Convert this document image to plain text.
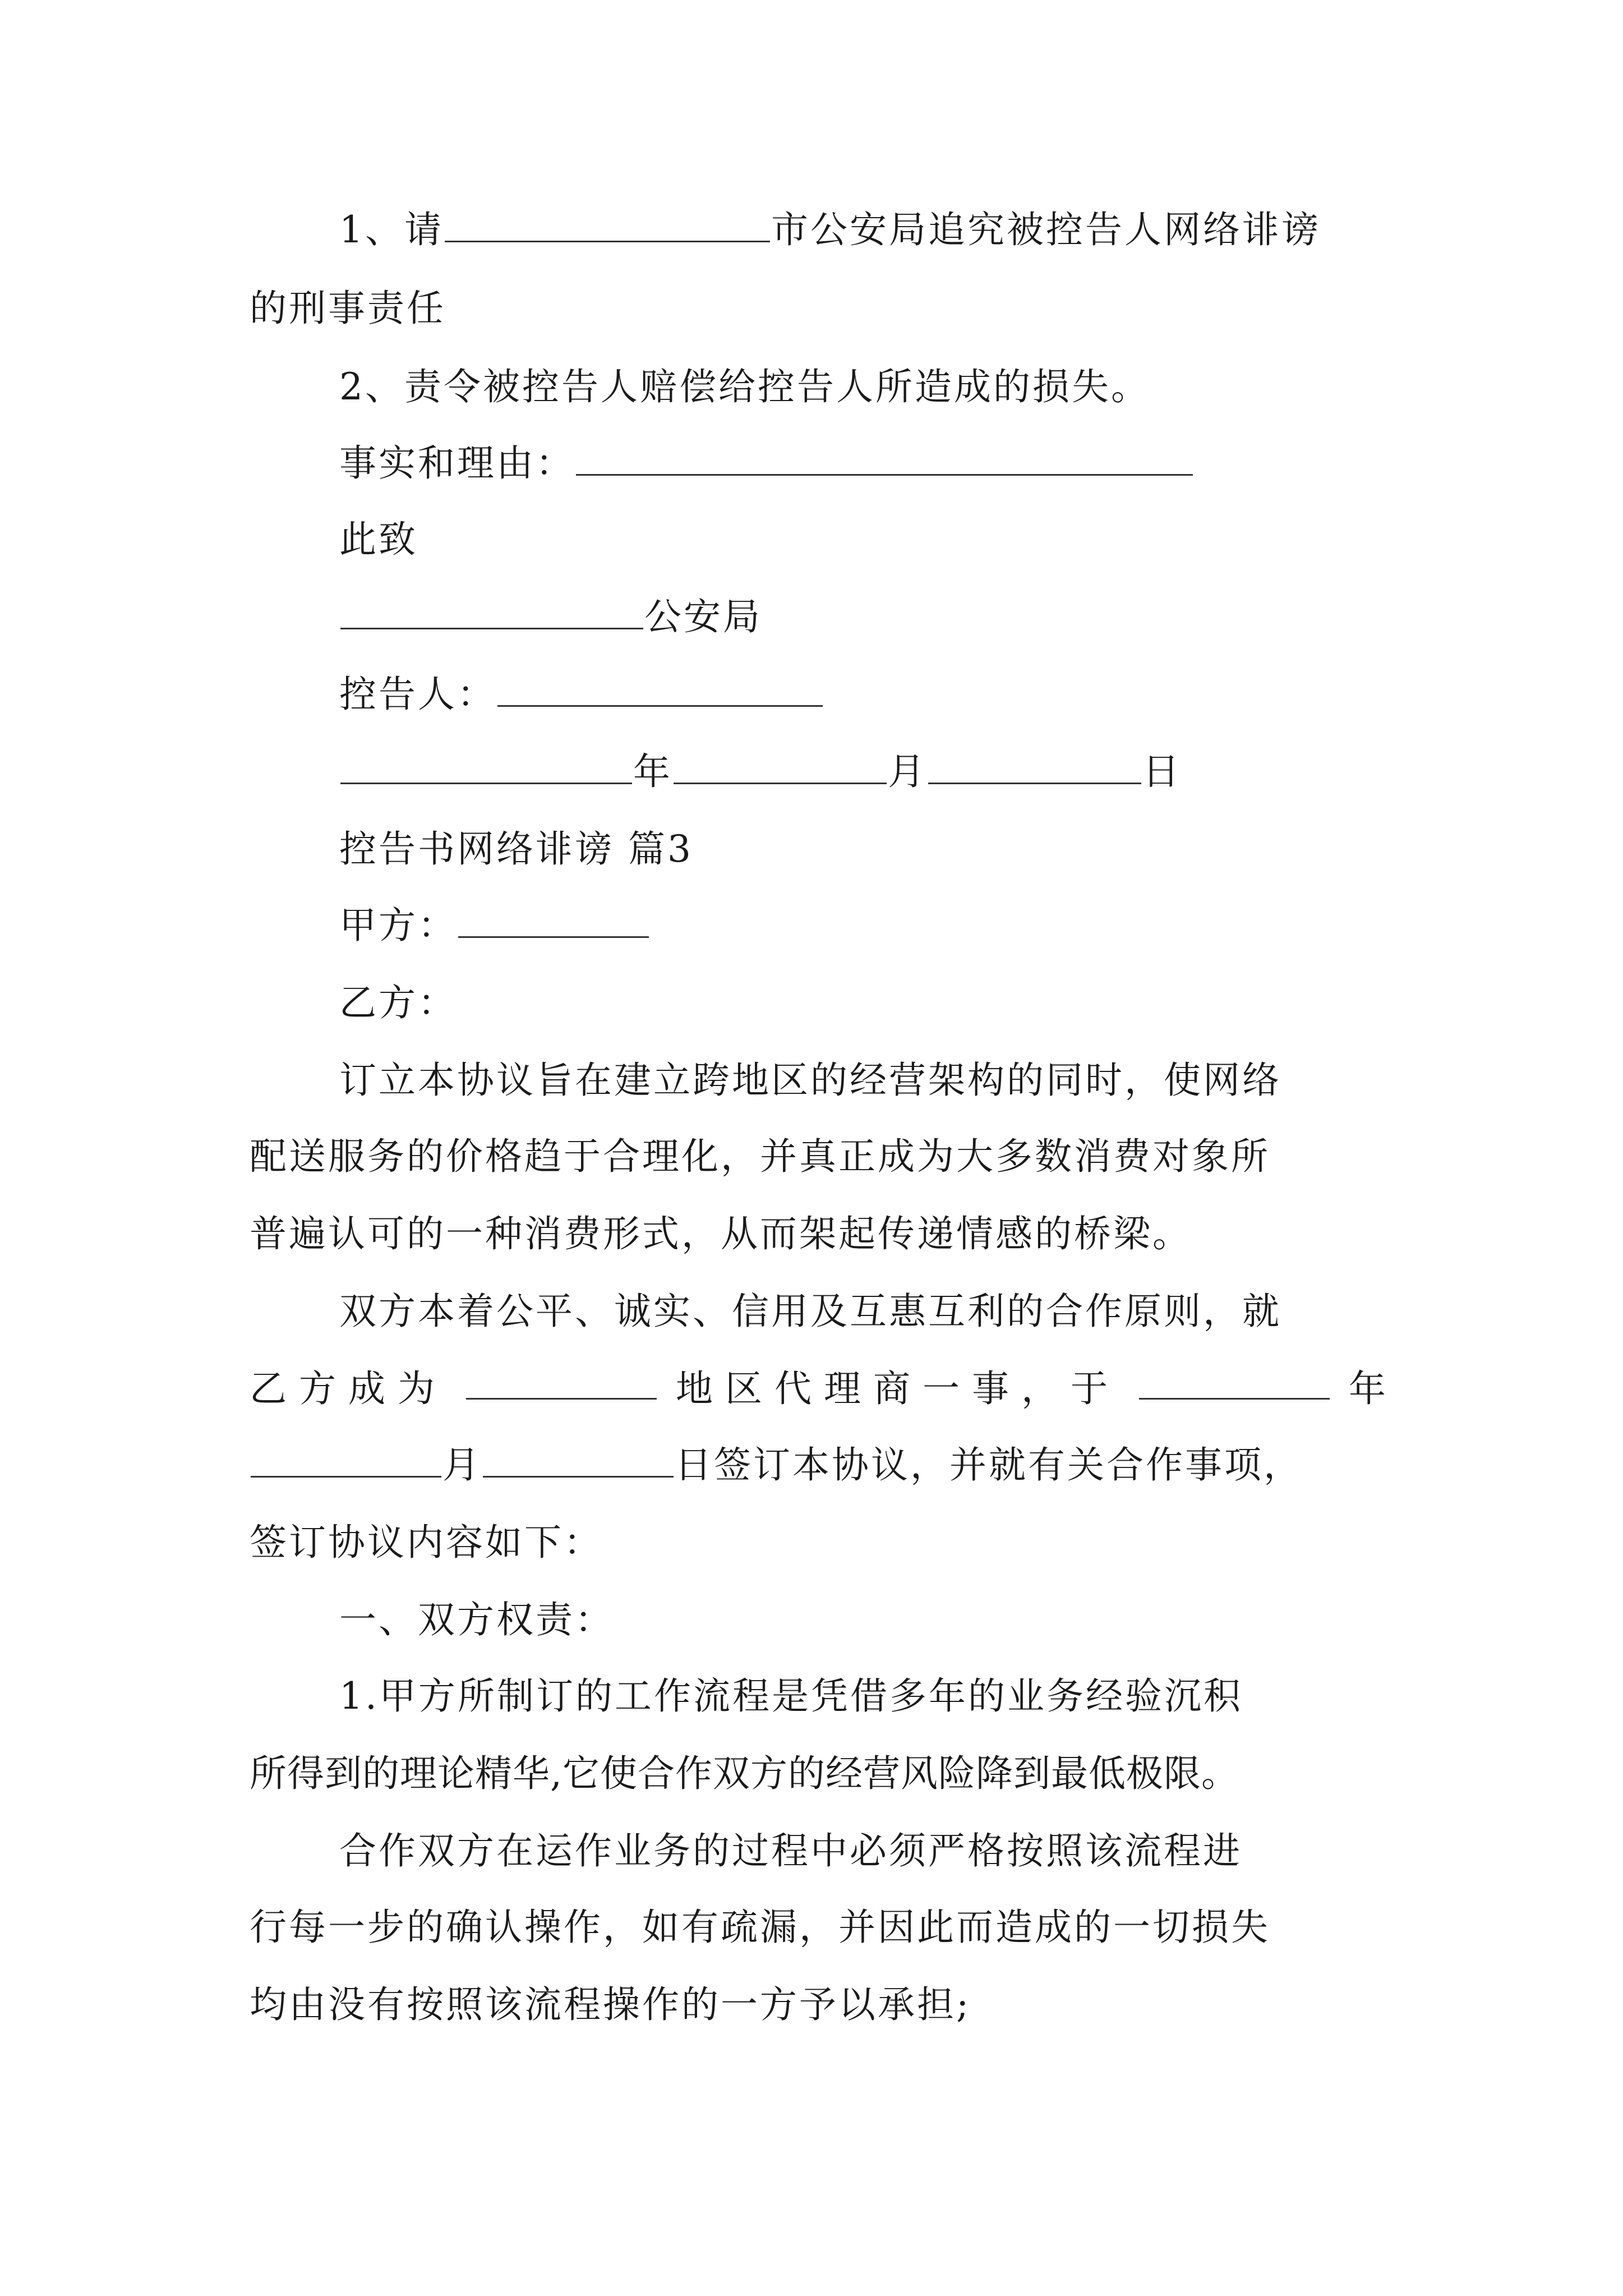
1、请	市公安局追究被控告人网络诽谤
的刑事责任
2、责令被控告人赔偿给控告人所造成的损失。
事实和理由：
此致
公安局
控告人：
年	月	日
控告书网络诽谤 篇3
甲方：
乙方：
订立本协议旨在建立跨地区的经营架构的同时，使网络
配送服务的价格趋于合理化，并真正成为大多数消费对象所
普遍认可的一种消费形式，从而架起传递情感的桥梁。
双方本着公平、诚实、信用及互惠互利的合作原则，就
乙方成为	地区代理商一事，于	年
月	日签订本协议，并就有关合作事项，
签订协议内容如下：
一、双方权责：
1.甲方所制订的工作流程是凭借多年的业务经验沉积
所得到的理论精华,它使合作双方的经营风险降到最低极限。
合作双方在运作业务的过程中必须严格按照该流程进
行每一步的确认操作，如有疏漏，并因此而造成的一切损失
均由没有按照该流程操作的一方予以承担;
